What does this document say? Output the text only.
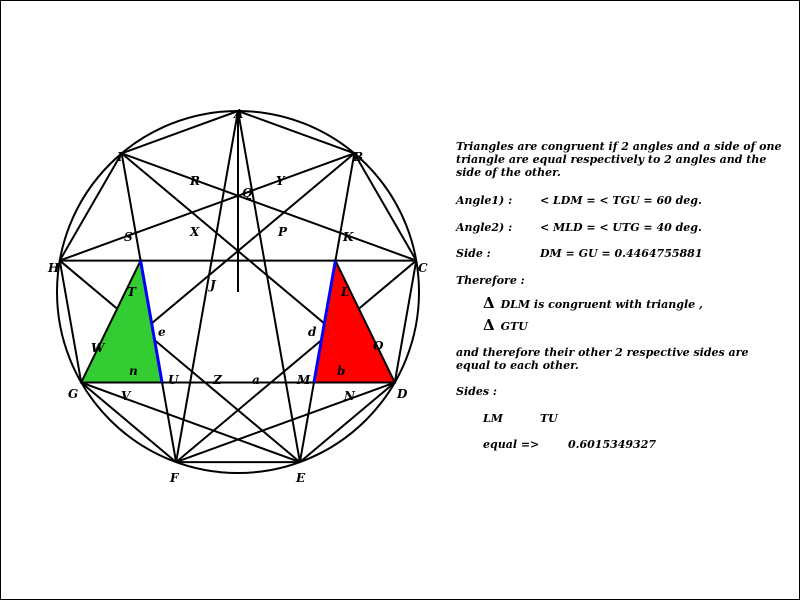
A
B
C
D
E
F
G
H
I
J
K
L
M
N
O
P
Q
R
S
T
U
V
W
X
Y
Z	a
b
d
e
n
Triangles are congruent if 2 angles and a side of one triangle are equal respectively to 2 angles and the side of the other.
Angle1) :	< LDM = < TGU = 60 deg.
Angle2) :	< MLD = < UTG = 40 deg.
Side :	DM = GU = 0.4464755881
Therefore :
Δ DLM is congruent with triangle ,
Δ GTU
and therefore their other 2 respective sides are equal to each other.
Sides :
LM	TU
equal =>	0.6015349327
